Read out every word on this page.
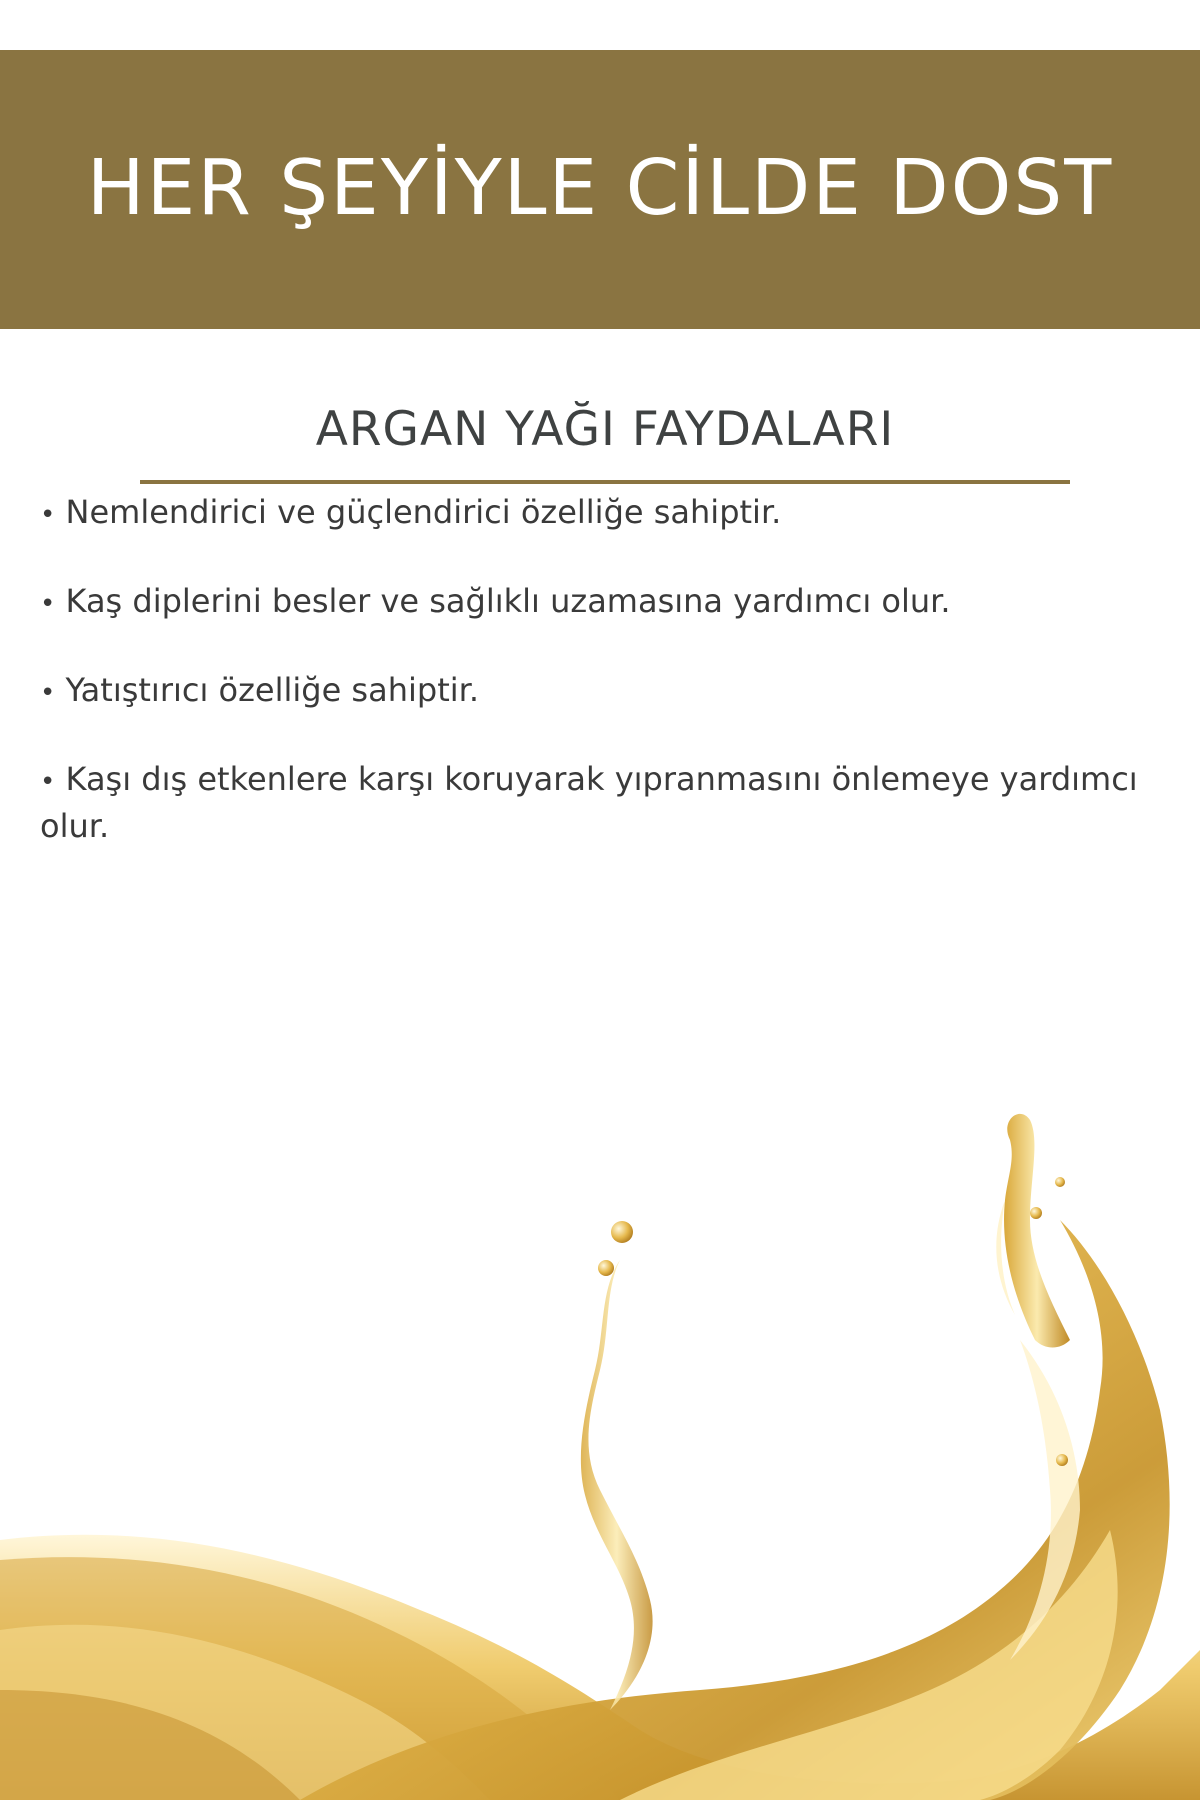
HER ŞEYİYLE CİLDE DOST
ARGAN YAĞI FAYDALARI
• Nemlendirici ve güçlendirici özelliğe sahiptir.
• Kaş diplerini besler ve sağlıklı uzamasına yardımcı olur.
• Yatıştırıcı özelliğe sahiptir.
• Kaşı dış etkenlere karşı koruyarak yıpranmasını önlemeye yardımcı olur.
